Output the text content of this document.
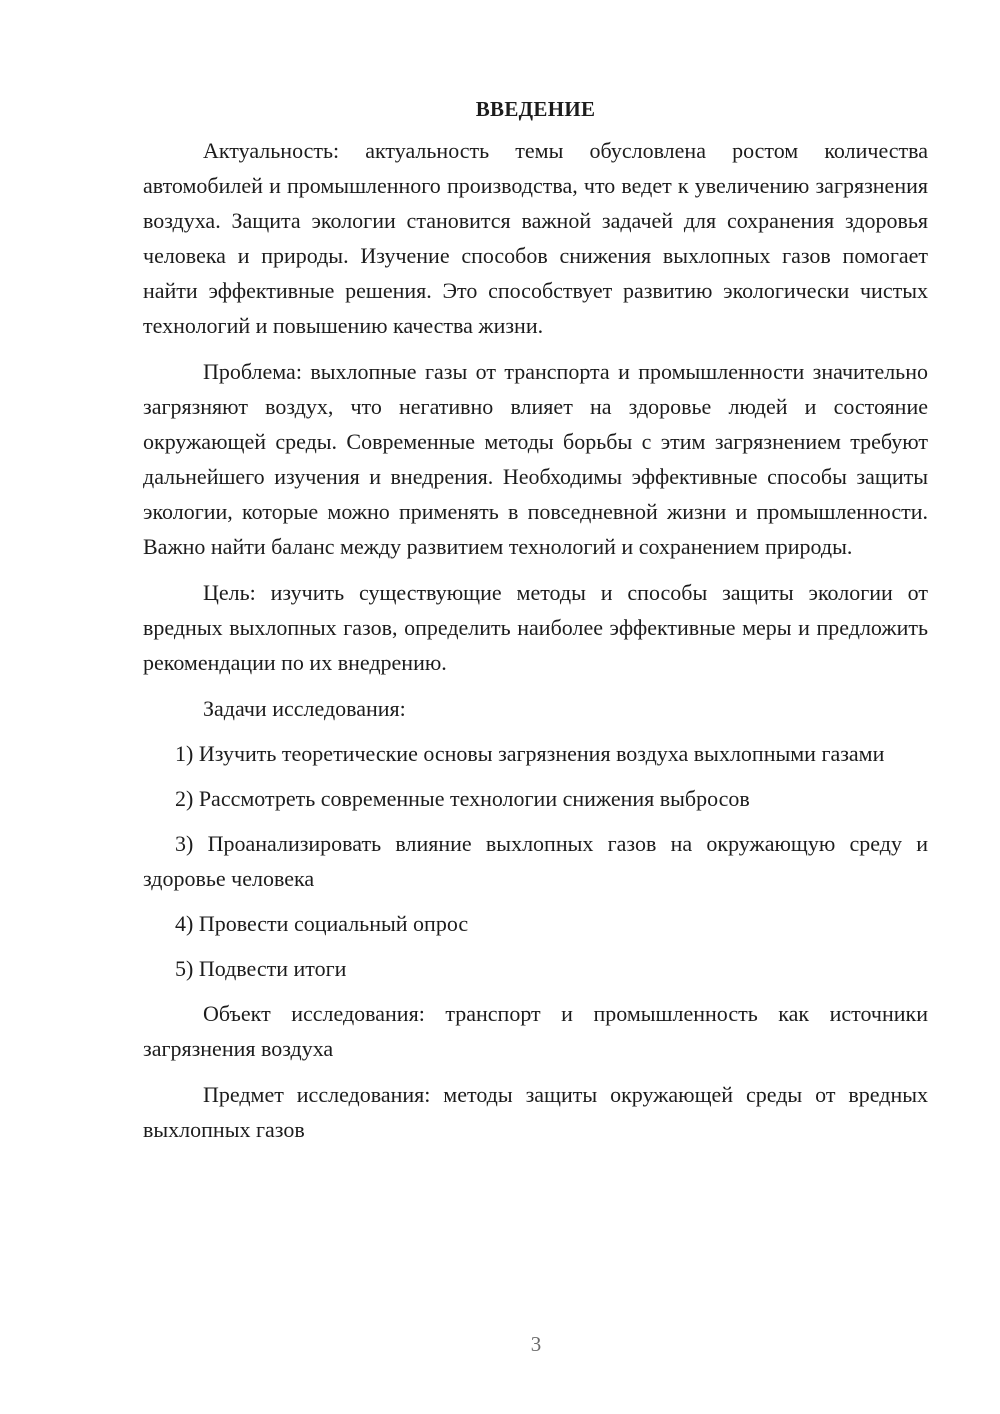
ВВЕДЕНИЕ

Актуальность: актуальность темы обусловлена ростом количества автомобилей и промышленного производства, что ведет к увеличению загрязнения воздуха. Защита экологии становится важной задачей для сохранения здоровья человека и природы. Изучение способов снижения выхлопных газов помогает найти эффективные решения. Это способствует развитию экологически чистых технологий и повышению качества жизни.

Проблема: выхлопные газы от транспорта и промышленности значительно загрязняют воздух, что негативно влияет на здоровье людей и состояние окружающей среды. Современные методы борьбы с этим загрязнением требуют дальнейшего изучения и внедрения. Необходимы эффективные способы защиты экологии, которые можно применять в повседневной жизни и промышленности. Важно найти баланс между развитием технологий и сохранением природы.

Цель: изучить существующие методы и способы защиты экологии от вредных выхлопных газов, определить наиболее эффективные меры и предложить рекомендации по их внедрению.

Задачи исследования:

1) Изучить теоретические основы загрязнения воздуха выхлопными газами
2) Рассмотреть современные технологии снижения выбросов
3) Проанализировать влияние выхлопных газов на окружающую среду и здоровье человека
4) Провести социальный опрос
5) Подвести итоги

Объект исследования: транспорт и промышленность как источники загрязнения воздуха

Предмет исследования: методы защиты окружающей среды от вредных выхлопных газов

3
